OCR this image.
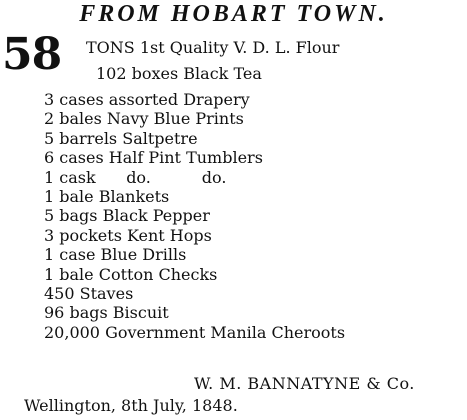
FROM HOBART TOWN.
58 TONS 1st Quality V. D. L. Flour
102 boxes Black Tea
3 cases assorted Drapery
2 bales Navy Blue Prints
5 barrels Saltpetre
6 cases Half Pint Tumblers
1 cask      do.          do.
1 bale Blankets
5 bags Black Pepper
3 pockets Kent Hops
1 case Blue Drills
1 bale Cotton Checks
450 Staves
96 bags Biscuit
20,000 Government Manila Cheroots
W. M. BANNATYNE & Co.
Wellington, 8th July, 1848.
